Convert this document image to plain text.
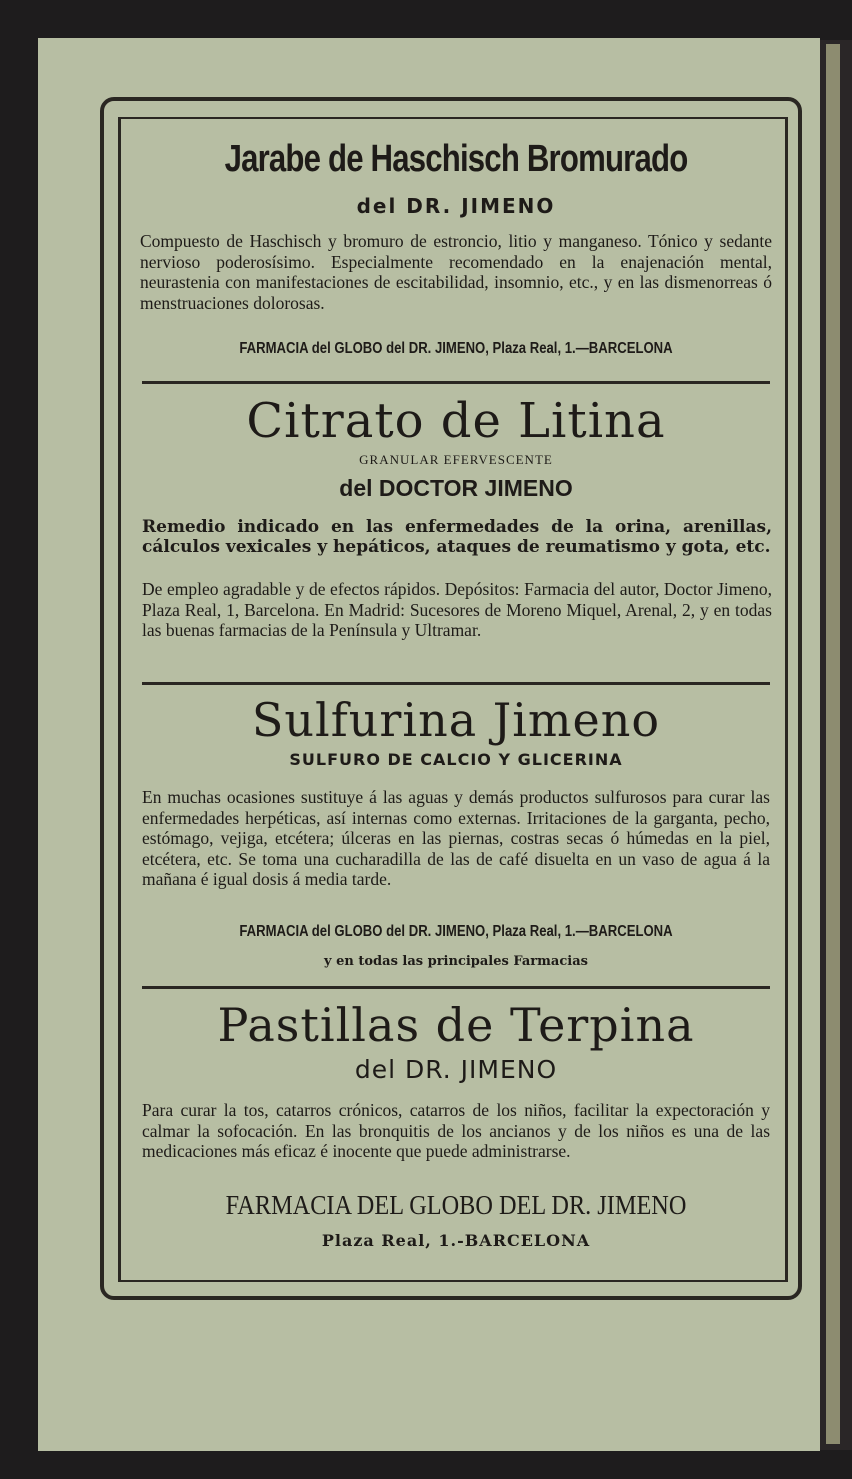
Jarabe de Haschisch Bromurado
del DR. JIMENO
Compuesto de Haschisch y bromuro de estroncio, litio y manganeso. Tónico y sedante nervioso poderosísimo. Especialmente recomendado en la enajenación mental, neurastenia con manifestaciones de escitabilidad, insomnio, etc., y en las dismenorreas ó menstruaciones dolorosas.
FARMACIA del GLOBO del DR. JIMENO, Plaza Real, 1.—BARCELONA
Citrato de Litina
GRANULAR EFERVESCENTE
del DOCTOR JIMENO
Remedio indicado en las enfermedades de la orina, arenillas, cálculos vexicales y hepáticos, ataques de reumatismo y gota, etc.
De empleo agradable y de efectos rápidos. Depósitos: Farmacia del autor, Doctor Jimeno, Plaza Real, 1, Barcelona. En Madrid: Sucesores de Moreno Miquel, Arenal, 2, y en todas las buenas farmacias de la Península y Ultramar.
Sulfurina Jimeno
SULFURO DE CALCIO Y GLICERINA
En muchas ocasiones sustituye á las aguas y demás productos sulfurosos para curar las enfermedades herpéticas, así internas como externas. Irritaciones de la garganta, pecho, estómago, vejiga, etcétera; úlceras en las piernas, costras secas ó húmedas en la piel, etcétera, etc. Se toma una cucharadilla de las de café disuelta en un vaso de agua á la mañana é igual dosis á media tarde.
FARMACIA del GLOBO del DR. JIMENO, Plaza Real, 1.—BARCELONA
y en todas las principales Farmacias
Pastillas de Terpina
del DR. JIMENO
Para curar la tos, catarros crónicos, catarros de los niños, facilitar la expectoración y calmar la sofocación. En las bronquitis de los ancianos y de los niños es una de las medicaciones más eficaz é inocente que puede administrarse.
FARMACIA DEL GLOBO DEL DR. JIMENO
Plaza Real, 1.-BARCELONA
